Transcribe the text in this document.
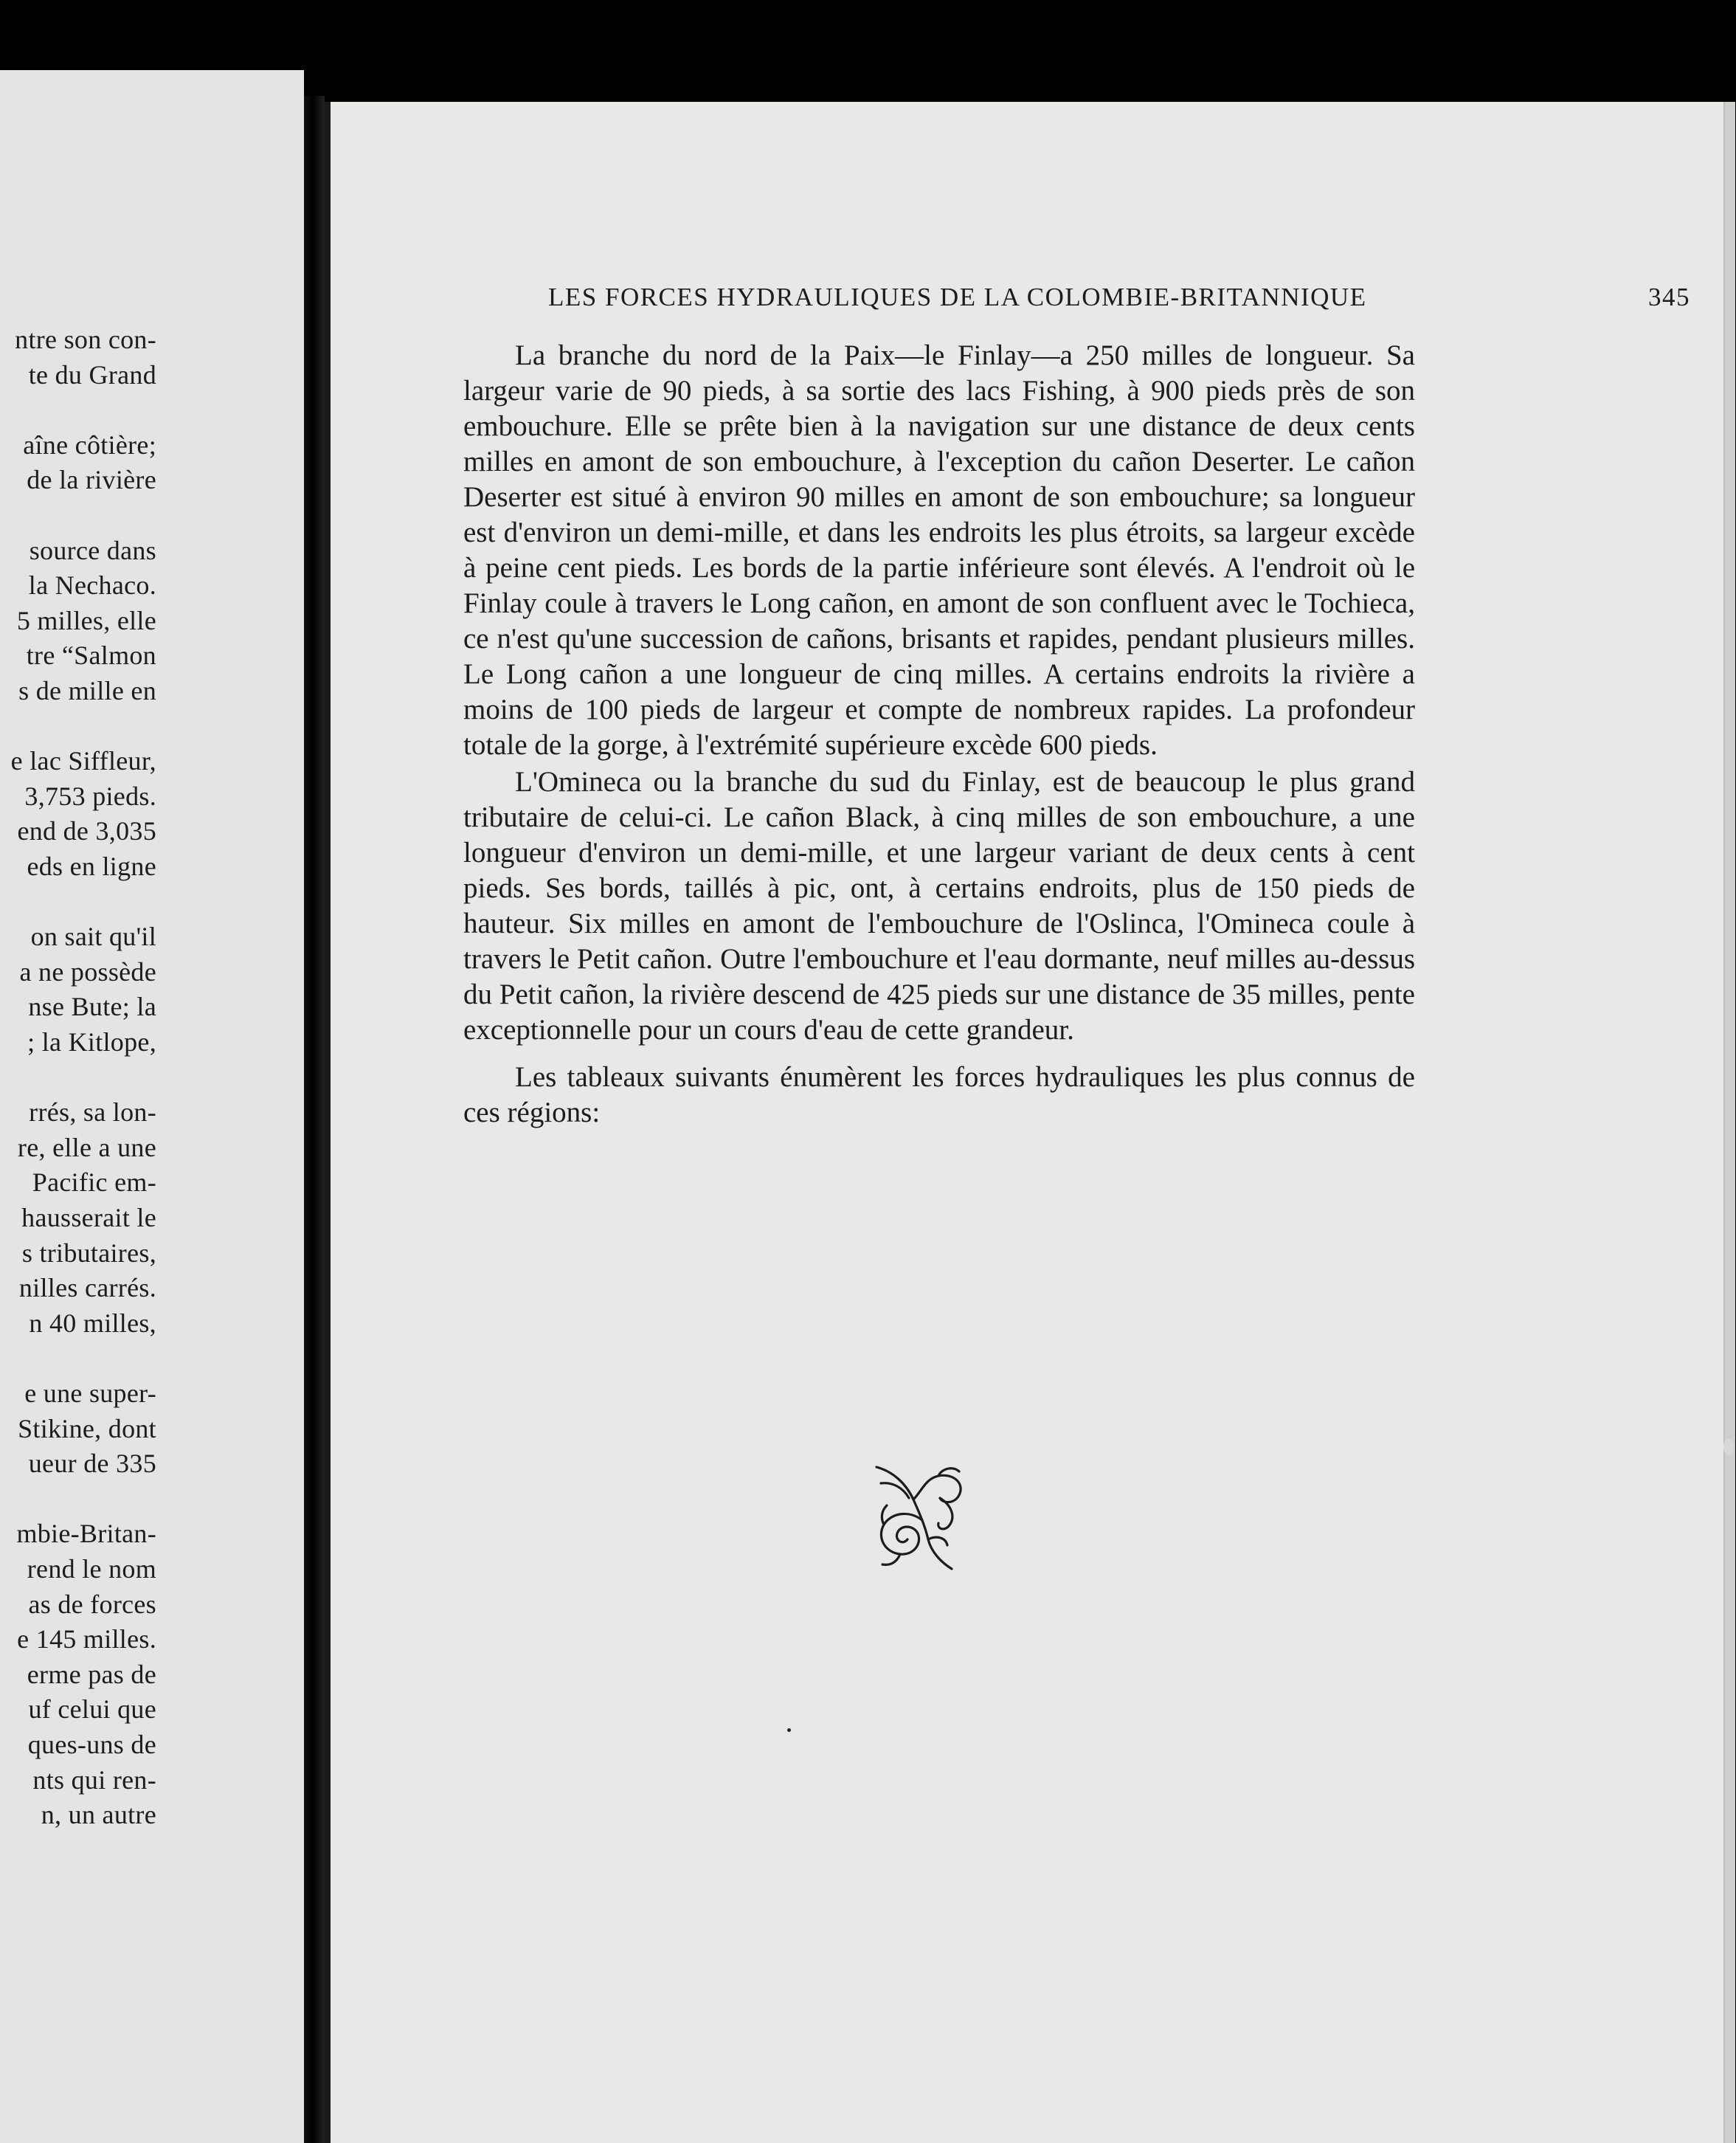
ntre son con-
te du Grand
aîne côtière;
de la rivière
source dans
la Nechaco.
5 milles, elle
tre “Salmon
s de mille en
e lac Siffleur,
3,753 pieds.
end de 3,035
eds en ligne
on sait qu'il
a ne possède
nse Bute; la
; la Kitlope,
rrés, sa lon-
re, elle a une
Pacific em-
hausserait le
s tributaires,
nilles carrés.
n 40 milles,
e une super-
Stikine, dont
ueur de 335
mbie-Britan-
rend le nom
as de forces
e 145 milles.
erme pas de
uf celui que
ques-uns de
nts qui ren-
n, un autre
LES FORCES HYDRAULIQUES DE LA COLOMBIE-BRITANNIQUE	345

La branche du nord de la Paix—le Finlay—a 250 milles de longueur. Sa largeur varie de 90 pieds, à sa sortie des lacs Fishing, à 900 pieds près de son embouchure. Elle se prête bien à la navigation sur une distance de deux cents milles en amont de son embouchure, à l'exception du cañon Deserter. Le cañon Deserter est situé à environ 90 milles en amont de son embouchure; sa longueur est d'environ un demi-mille, et dans les endroits les plus étroits, sa largeur excède à peine cent pieds. Les bords de la partie inférieure sont élevés. A l'endroit où le Finlay coule à travers le Long cañon, en amont de son confluent avec le Tochieca, ce n'est qu'une succession de cañons, brisants et rapides, pendant plusieurs milles. Le Long cañon a une longueur de cinq milles. A certains endroits la rivière a moins de 100 pieds de largeur et compte de nombreux rapides. La profondeur totale de la gorge, à l'extrémité supérieure excède 600 pieds.

L'Omineca ou la branche du sud du Finlay, est de beaucoup le plus grand tributaire de celui-ci. Le cañon Black, à cinq milles de son embouchure, a une longueur d'environ un demi-mille, et une largeur variant de deux cents à cent pieds. Ses bords, taillés à pic, ont, à certains endroits, plus de 150 pieds de hauteur. Six milles en amont de l'embouchure de l'Oslinca, l'Omineca coule à travers le Petit cañon. Outre l'embouchure et l'eau dormante, neuf milles au-dessus du Petit cañon, la rivière descend de 425 pieds sur une distance de 35 milles, pente exceptionnelle pour un cours d'eau de cette grandeur.

Les tableaux suivants énumèrent les forces hydrauliques les plus connus de ces régions:
